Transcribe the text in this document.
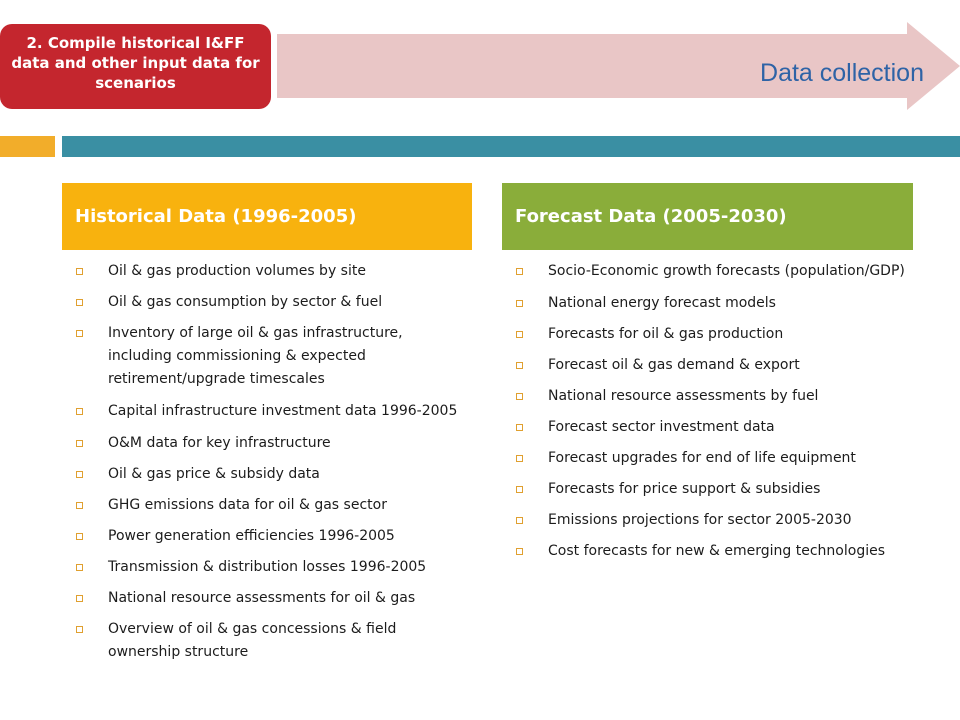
2. Compile historical I&FF data and other input data for scenarios	Data collection
Historical Data (1996-2005)	Forecast Data (2005-2030)
Oil & gas production volumes by site
Oil & gas consumption by sector & fuel
Inventory of large oil & gas infrastructure, including commissioning & expected retirement/upgrade timescales
Capital infrastructure investment data 1996-2005
O&M data for key infrastructure
Oil & gas price & subsidy data
GHG emissions data for oil & gas sector
Power generation efficiencies 1996-2005
Transmission & distribution losses 1996-2005
National resource assessments for oil & gas
Overview of oil & gas concessions & field ownership structure
Socio-Economic growth forecasts (population/GDP)
National energy forecast models
Forecasts for oil & gas production
Forecast oil & gas demand & export
National resource assessments by fuel
Forecast sector investment data
Forecast upgrades for end of life equipment
Forecasts for price support & subsidies
Emissions projections for sector 2005-2030
Cost forecasts for new & emerging technologies
